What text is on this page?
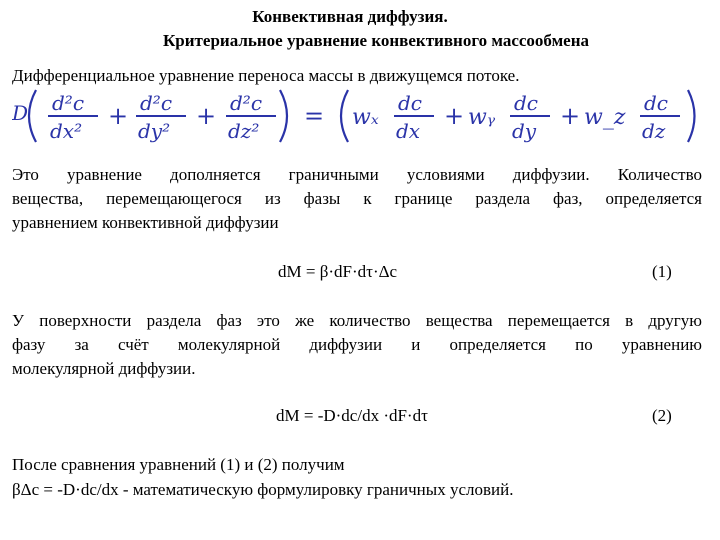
Конвективная диффузия.
Критериальное уравнение конвективного массообмена
Дифференциальное уравнение переноса массы в движущемся потоке.
D d²c
dx²
+ d²c
dy²
+ d²c
dz²
= wₓ
dc
dx
+ wᵧ
dc
dy
+ w_z
dc
dz
Это уравнение дополняется граничными условиями диффузии. Количество
вещества, перемещающегося из фазы к границе раздела фаз, определяется
уравнением конвективной диффузии
dM = β·dF·dτ·Δc	(1)
У поверхности раздела фаз это же количество вещества перемещается в другую
фазу за счёт молекулярной диффузии и определяется по уравнению
молекулярной диффузии.
dM = -D·dc/dx ·dF·dτ	(2)
После сравнения уравнений (1) и (2) получим
βΔc = -D·dc/dx - математическую формулировку граничных условий.
